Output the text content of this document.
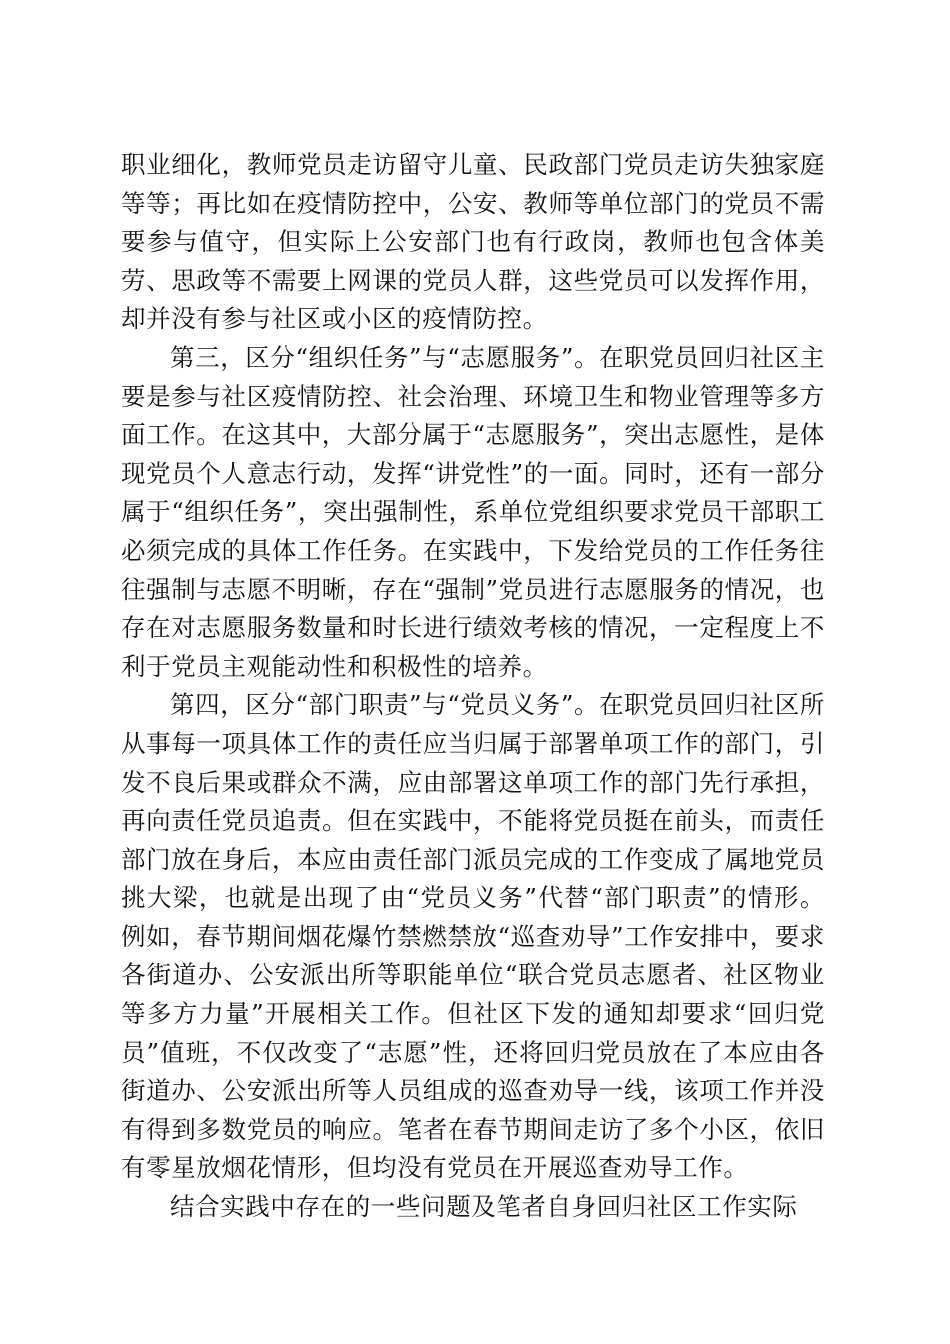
职业细化，教师党员走访留守儿童、民政部门党员走访失独家庭等等；再比如在疫情防控中，公安、教师等单位部门的党员不需要参与值守，但实际上公安部门也有行政岗，教师也包含体美劳、思政等不需要上网课的党员人群，这些党员可以发挥作用，却并没有参与社区或小区的疫情防控。

第三，区分“组织任务”与“志愿服务”。在职党员回归社区主要是参与社区疫情防控、社会治理、环境卫生和物业管理等多方面工作。在这其中，大部分属于“志愿服务”，突出志愿性，是体现党员个人意志行动，发挥“讲党性”的一面。同时，还有一部分属于“组织任务”，突出强制性，系单位党组织要求党员干部职工必须完成的具体工作任务。在实践中，下发给党员的工作任务往往强制与志愿不明晰，存在“强制”党员进行志愿服务的情况，也存在对志愿服务数量和时长进行绩效考核的情况，一定程度上不利于党员主观能动性和积极性的培养。

第四，区分“部门职责”与“党员义务”。在职党员回归社区所从事每一项具体工作的责任应当归属于部署单项工作的部门，引发不良后果或群众不满，应由部署这单项工作的部门先行承担，再向责任党员追责。但在实践中，不能将党员挺在前头，而责任部门放在身后，本应由责任部门派员完成的工作变成了属地党员挑大梁，也就是出现了由“党员义务”代替“部门职责”的情形。例如，春节期间烟花爆竹禁燃禁放“巡查劝导”工作安排中，要求各街道办、公安派出所等职能单位“联合党员志愿者、社区物业等多方力量”开展相关工作。但社区下发的通知却要求“回归党员”值班，不仅改变了“志愿”性，还将回归党员放在了本应由各街道办、公安派出所等人员组成的巡查劝导一线，该项工作并没有得到多数党员的响应。笔者在春节期间走访了多个小区，依旧有零星放烟花情形，但均没有党员在开展巡查劝导工作。

结合实践中存在的一些问题及笔者自身回归社区工作实际
